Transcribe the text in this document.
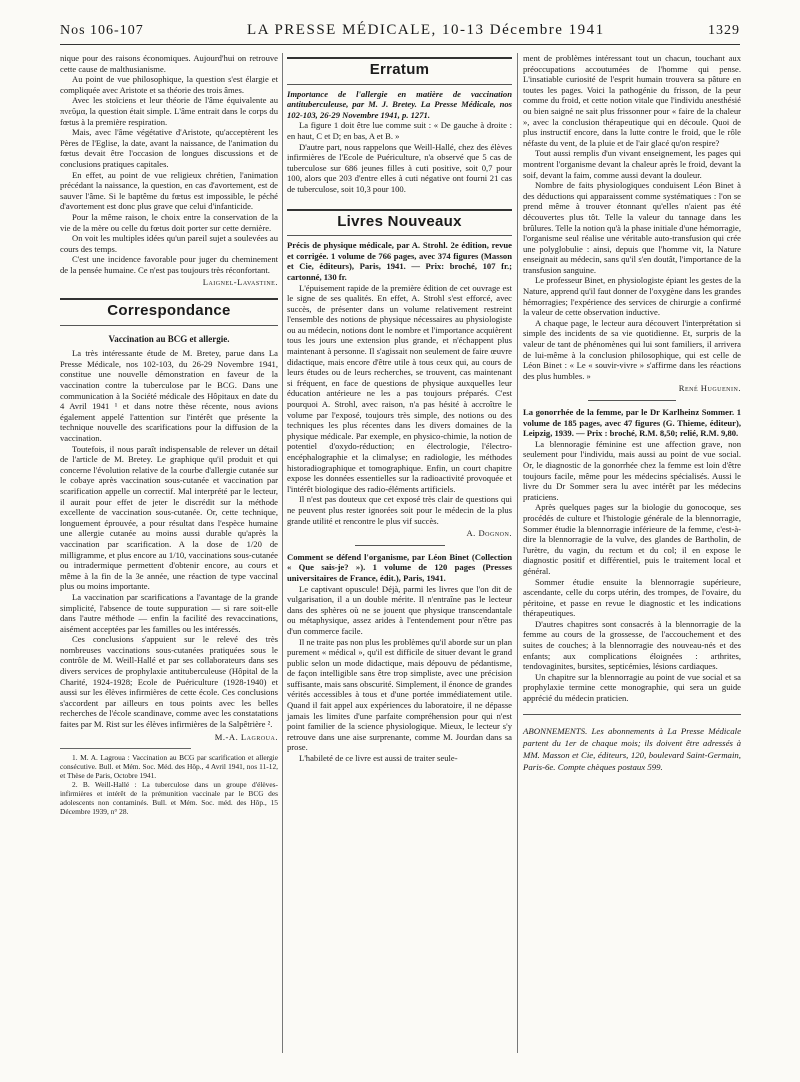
Nos 106-107	LA PRESSE MÉDICALE, 10-13 Décembre 1941	1329

nique pour des raisons économiques. Aujourd'hui on retrouve cette cause de malthusianisme.

Au point de vue philosophique, la question s'est élargie et compliquée avec Aristote et sa théorie des trois âmes.

Avec les stoïciens et leur théorie de l'âme équivalente au πνεῦμα, la question était simple. L'âme entrait dans le corps du fœtus à la première respiration.

Mais, avec l'âme végétative d'Aristote, qu'acceptèrent les Pères de l'Eglise, la date, avant la naissance, de l'animation du fœtus devait être l'occasion de longues discussions et de conclusions pratiques capitales.

En effet, au point de vue religieux chrétien, l'animation précédant la naissance, la question, en cas d'avortement, est de sauver l'âme. Si le baptême du fœtus est impossible, le péché d'avortement est donc plus grave que celui d'infanticide.

Pour la même raison, le choix entre la conservation de la vie de la mère ou celle du fœtus doit porter sur cette dernière.

On voit les multiples idées qu'un pareil sujet a soulevées au cours des temps.

C'est une incidence favorable pour juger du cheminement de la pensée humaine. Ce n'est pas toujours très réconfortant.

Laignel-Lavastine.

Correspondance
Vaccination au BCG et allergie.

La très intéressante étude de M. Bretey, parue dans La Presse Médicale, nos 102-103, du 26-29 Novembre 1941, constitue une nouvelle démonstration en faveur de la vaccination contre la tuberculose par le BCG. Dans une communication à la Société médicale des Hôpitaux en date du 4 Avril 1941 ¹ et dans notre thèse récente, nous avions également appelé l'attention sur l'intérêt que présente la technique nouvelle des scarifications pour la diffusion de la vaccination.

Toutefois, il nous paraît indispensable de relever un détail de l'article de M. Bretey. Le graphique qu'il produit et qui concerne l'évolution relative de la courbe d'allergie cutanée sur le cobaye après vaccination sous-cutanée et vaccination par scarification appelle un correctif. Mal interprété par le lecteur, il aurait pour effet de jeter le discrédit sur la méthode excellente de vaccination sous-cutanée. Or, cette technique, longuement éprouvée, a pour résultat dans l'espèce humaine une allergie cutanée au moins aussi durable qu'après la vaccination par scarification. A la dose de 1/20 de milligramme, et plus encore au 1/10, vaccinations sous-cutanée ou intradermique permettent d'obtenir encore, au cours et même à la fin de la 3e année, une réaction de type vaccinal plus ou moins importante.

La vaccination par scarifications a l'avantage de la grande simplicité, l'absence de toute suppuration — si rare soit-elle dans l'autre méthode — enfin la facilité des revaccinations, aisément acceptées par les familles ou les intéressés.

Ces conclusions s'appuient sur le relevé des très nombreuses vaccinations sous-cutanées pratiquées sous le contrôle de M. Weill-Hallé et par ses collaborateurs dans ses divers services de prophylaxie antituberculeuse (Hôpital de la Charité, 1924-1928; Ecole de Puériculture (1928-1940) et aussi sur les élèves infirmières de cette école. Ces conclusions s'accordent par ailleurs en tous points avec les belles recherches de l'école scandinave, comme avec les constatations faites par M. Rist sur les élèves infirmières de la Salpêtrière ².

M.-A. Lagroua.

1. M. A. Lagroua : Vaccination au BCG par scarification et allergie consécutive. Bull. et Mém. Soc. Méd. des Hôp., 4 Avril 1941, nos 11-12, et Thèse de Paris, Octobre 1941.

2. B. Weill-Hallé : La tuberculose dans un groupe d'élèves-infirmières et intérêt de la prémunition vaccinale par le BCG des adolescents non contaminés. Bull. et Mém. Soc. méd. des Hôp., 15 Décembre 1939, n° 28.

Erratum

Importance de l'allergie en matière de vaccination antituberculeuse, par M. J. Bretey. La Presse Médicale, nos 102-103, 26-29 Novembre 1941, p. 1271.

La figure 1 doit être lue comme suit : « De gauche à droite : en haut, C et D; en bas, A et B. »

D'autre part, nous rappelons que Weill-Hallé, chez des élèves infirmières de l'Ecole de Puériculture, n'a observé que 5 cas de tuberculose sur 686 jeunes filles à cuti positive, soit 0,7 pour 100, alors que 203 d'entre elles à cuti négative ont fourni 21 cas de tuberculose, soit 10,3 pour 100.

Livres Nouveaux

Précis de physique médicale, par A. Strohl. 2e édition, revue et corrigée. 1 volume de 766 pages, avec 374 figures (Masson et Cie, éditeurs), Paris, 1941. — Prix: broché, 107 fr.; cartonné, 130 fr.

L'épuisement rapide de la première édition de cet ouvrage est le signe de ses qualités. En effet, A. Strohl s'est efforcé, avec succès, de présenter dans un volume relativement restreint l'ensemble des notions de physique nécessaires au physiologiste ou au médecin, notions dont le nombre et l'importance acquièrent tous les jours une extension plus grande, et n'échappent plus maintenant à personne. Il s'agissait non seulement de faire œuvre didactique, mais encore d'être utile à tous ceux qui, au cours de leurs études ou de leurs recherches, se trouvent, cas maintenant si fréquent, en face de questions de physique auxquelles leur éducation antérieure ne les a pas toujours préparés. C'est pourquoi A. Strohl, avec raison, n'a pas hésité à accroître le volume par l'exposé, toujours très simple, des notions ou des techniques les plus récentes dans les divers domaines de la physique médicale. Par exemple, en physico-chimie, la notion de potentiel d'oxydo-réduction; en électrologie, l'électro-encéphalographie et la climalyse; en radiologie, les méthodes historadiographique et tomographique. Enfin, un court chapitre expose les données essentielles sur la radioactivité provoquée et l'intérêt biologique des radio-éléments artificiels.

Il n'est pas douteux que cet exposé très clair de questions qui ne peuvent plus rester ignorées soit pour le médecin de la plus grande utilité et rencontre le plus vif succès.

A. Dognon.

Comment se défend l'organisme, par Léon Binet (Collection « Que sais-je? »). 1 volume de 120 pages (Presses universitaires de France, édit.), Paris, 1941.

Le captivant opuscule! Déjà, parmi les livres que l'on dit de vulgarisation, il a un double mérite. Il n'entraîne pas le lecteur dans des sphères où ne se jouent que physique transcendantale ou métaphysique, assez arides à l'entendement pour n'être pas d'un commerce facile.

Il ne traite pas non plus les problèmes qu'il aborde sur un plan purement « médical », qu'il est difficile de situer devant le grand public selon un mode didactique, mais dépouvu de pédantisme, de façon intelligible sans être trop simpliste, avec une précision suffisante, mais sans obscurité. Simplement, il énonce de grandes vérités accessibles à tous et d'une portée immédiatement utile. Quand il fait appel aux expériences du laboratoire, il ne dépasse jamais les limites d'une parfaite compréhension pour qui n'est point familier de la science physiologique. Mieux, le lecteur s'y retrouve dans une aise surprenante, comme M. Jourdan dans sa prose.

L'habileté de ce livre est aussi de traiter seule-

ment de problèmes intéressant tout un chacun, touchant aux préoccupations accoutumées de l'homme qui pense. L'insatiable curiosité de l'esprit humain trouvera sa pâture en toutes les pages. Voici la pathogénie du frisson, de la peur comme du froid, et cette notion vitale que l'individu anesthésié ou bien saigné ne sait plus frissonner pour « faire de la chaleur », avec la conclusion thérapeutique qui en découle. Quoi de plus instructif encore, dans la lutte contre le froid, que le rôle néfaste du vent, de la pluie et de l'air glacé qu'on respire?

Tout aussi remplis d'un vivant enseignement, les pages qui montrent l'organisme devant la chaleur après le froid, devant la soif, devant la faim, comme aussi devant la douleur.

Nombre de faits physiologiques conduisent Léon Binet à des déductions qui apparaissent comme systématiques : l'on se prend même à trouver étonnant qu'elles n'aient pas été découvertes plus tôt. Telle la valeur du tannage dans les brûlures. Telle la notion qu'à la phase initiale d'une hémorragie, l'organisme seul réalise une véritable auto-transfusion qui crée une polyglobulie : ainsi, depuis que l'homme vit, la Nature enseignait au médecin, sans qu'il s'en doutât, l'importance de la transfusion sanguine.

Le professeur Binet, en physiologiste épiant les gestes de la Nature, apprend qu'il faut donner de l'oxygène dans les grandes hémorragies; l'expérience des services de chirurgie a confirmé la valeur de cette observation inductive.

A chaque page, le lecteur aura découvert l'interprétation si simple des incidents de sa vie quotidienne. Et, surpris de la valeur de tant de phénomènes qui lui sont familiers, il arrivera de lui-même à la conclusion philosophique, qui est celle de Léon Binet : « Le « souvir-vivre » s'affirme dans les réactions des plus humbles. »

René Huguenin.

La gonorrhée de la femme, par le Dr Karlheinz Sommer. 1 volume de 185 pages, avec 47 figures (G. Thieme, éditeur), Leipzig, 1939. — Prix : broché, R.M. 8,50; relié, R.M. 9,80.

La blennoragie féminine est une affection grave, non seulement pour l'individu, mais aussi au point de vue social. Or, le diagnostic de la gonorrhée chez la femme est loin d'être toujours facile, même pour les médecins spécialisés. Aussi le livre du Dr Sommer sera lu avec intérêt par les médecins praticiens.

Après quelques pages sur la biologie du gonocoque, ses procédés de culture et l'histologie générale de la blennorragie, Sommer étudie la blennorragie inférieure de la femme, c'est-à-dire la blennorragie de la vulve, des glandes de Bartholin, de l'urètre, du vagin, du rectum et du col; il en expose le diagnostic positif et différentiel, puis le traitement local et général.

Sommer étudie ensuite la blennorragie supérieure, ascendante, celle du corps utérin, des trompes, de l'ovaire, du péritoine, et passe en revue le diagnostic et les indications thérapeutiques.

D'autres chapitres sont consacrés à la blennorragie de la femme au cours de la grossesse, de l'accouchement et des suites de couches; à la blennorragie des nouveau-nés et des enfants; aux complications éloignées : arthrites, tendovaginites, bursites, septicémies, lésions cardiaques.

Un chapitre sur la blennorragie au point de vue social et sa prophylaxie termine cette monographie, qui sera un guide apprécié du médecin praticien.

ABONNEMENTS. Les abonnements à La Presse Médicale partent du 1er de chaque mois; ils doivent être adressés à MM. Masson et Cie, éditeurs, 120, boulevard Saint-Germain, Paris-6e. Compte chèques postaux 599.
